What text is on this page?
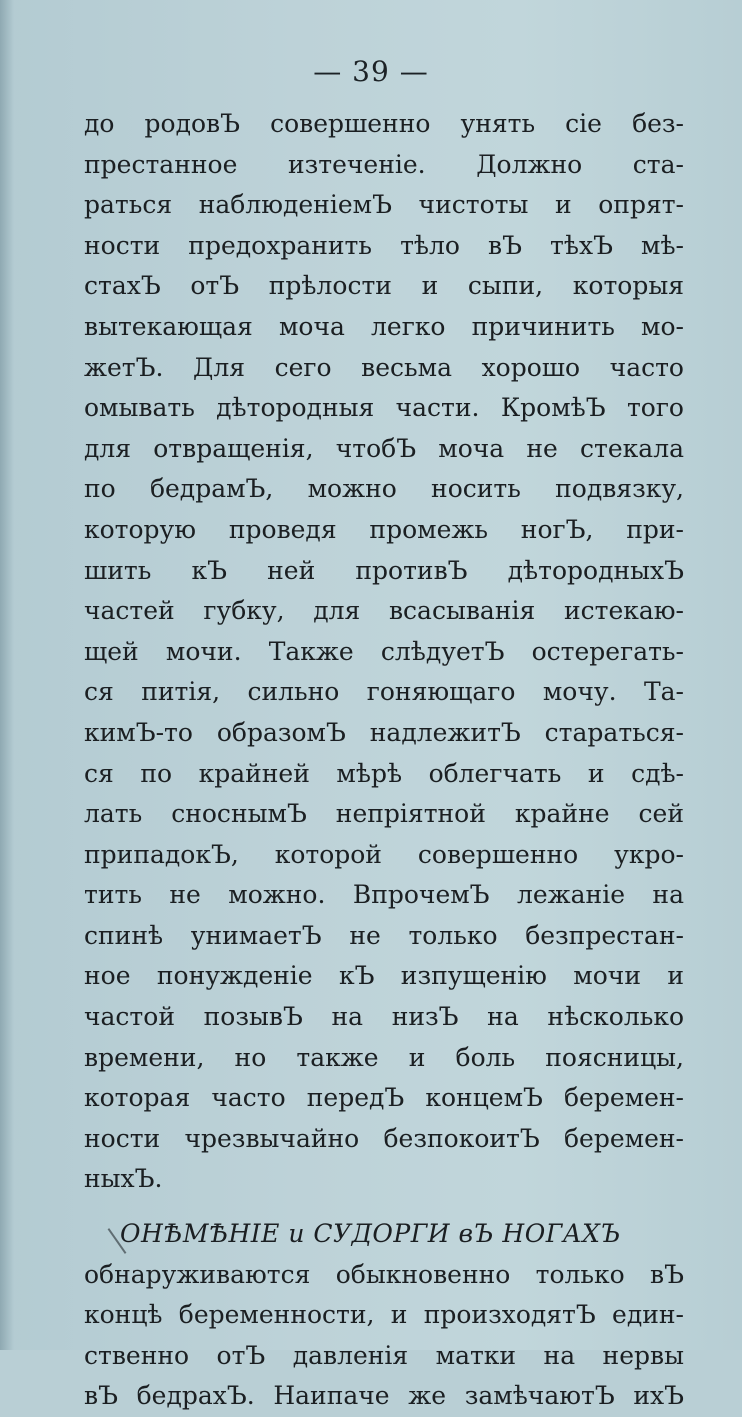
— 39 —
до родовЪ совершенно унять сіе без-
престанное изтеченіе. Должно ста-
раться наблюденіемЪ чистоты и опрят-
ности предохранить тѣло вЪ тѣхЪ мѣ-
стахЪ отЪ прѣлости и сыпи, которыя
вытекающая моча легко причинить мо-
жетЪ. Для сего весьма хорошо часто
омывать дѣтородныя части. КромѣЪ того
для отвращенія, чтобЪ моча не стекала
по бедрамЪ, можно носить подвязку,
которую проведя промежь ногЪ, при-
шить кЪ ней противЪ дѣтородныхЪ
частей губку, для всасыванія истекаю-
щей мочи. Также слѣдуетЪ остерегать-
ся питія, сильно гоняющаго мочу. Та-
кимЪ-то образомЪ надлежитЪ стараться-
ся по крайней мѣрѣ облегчать и сдѣ-
лать сноснымЪ непріятной крайне сей
припадокЪ, которой совершенно укро-
тить не можно. ВпрочемЪ лежаніе на
спинѣ унимаетЪ не только безпрестан-
ное понужденіе кЪ изпущенію мочи и
частой позывЪ на низЪ на нѣсколько
времени, но также и боль поясницы,
которая часто передЪ концемЪ беремен-
ности чрезвычайно безпокоитЪ беремен-
ныхЪ.
ОНѢМѢНІЕ и СУДОРГИ вЪ НОГАХЪ
обнаруживаются обыкновенно только вЪ
концѣ беременности, и произходятЪ един-
ственно отЪ давленія матки на нервы
вЪ бедрахЪ. Наипаче же замѣчаютЪ ихЪ
